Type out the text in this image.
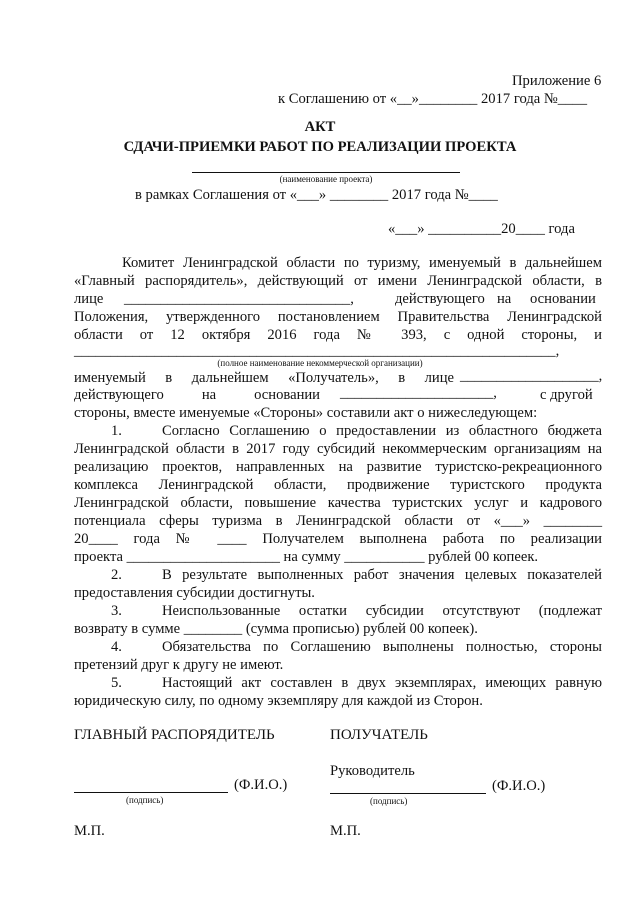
Приложение 6
к Соглашению от «__»________ 2017 года №____
АКТ
СДАЧИ-ПРИЕМКИ РАБОТ ПО РЕАЛИЗАЦИИ ПРОЕКТА
(наименование проекта)
в рамках Соглашения от «___» ________ 2017 года №____
«___» __________20____ года
Комитет Ленинградской области по туризму, именуемый в дальнейшем
«Главный распорядитель», действующий от имени Ленинградской области, в
лице _______________________________,	действующего на основании
Положения, утвержденного постановлением Правительства Ленинградской
области от 12 октября 2016 года № 393, с одной стороны, и
__________________________________________________________________,
(полное наименование некоммерческой организации)
именуемый в дальнейшем «Получатель», в лице ___________________,
действующего на основании _____________________,	с другой
стороны, вместе именуемые «Стороны» составили акт о нижеследующем:
1.	Согласно Соглашению о предоставлении из областного бюджета
Ленинградской области в 2017 году субсидий некоммерческим организациям на
реализацию проектов, направленных на развитие туристско-рекреационного
комплекса Ленинградской области, продвижение туристского продукта
Ленинградской области, повышение качества туристских услуг и кадрового
потенциала сферы туризма в Ленинградской области от «___» ________
20____ года № ____ Получателем выполнена работа по реализации
проекта _____________________ на сумму ___________ рублей 00 копеек.
2.	В результате выполненных работ значения целевых показателей
предоставления субсидии достигнуты.
3.	Неиспользованные остатки субсидии отсутствуют (подлежат
возврату в сумме ________ (сумма прописью) рублей 00 копеек).
4.	Обязательства по Соглашению выполнены полностью, стороны
претензий друг к другу не имеют.
5.	Настоящий акт составлен в двух экземплярах, имеющих равную
юридическую силу, по одному экземпляру для каждой из Сторон.
ГЛАВНЫЙ РАСПОРЯДИТЕЛЬ
(Ф.И.О.)
(подпись)
М.П.
ПОЛУЧАТЕЛЬ
Руководитель
(Ф.И.О.)
(подпись)
М.П.
